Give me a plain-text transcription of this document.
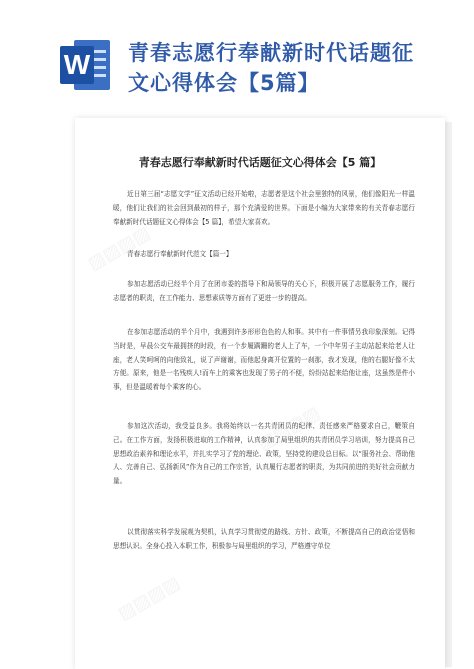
W 青春志愿行奉献新时代话题征文心得体会【5篇】
▨▨▨▨
▨▨▨▨
▨▨▨▨
青春志愿行奉献新时代话题征文心得体会【5 篇】

近日第三届“志愿文学”征文活动已经开始啦，志愿者是这个社会里独特的风景，他们像阳光一样温暖，他们让我们的社会回到最初的样子，那个充满爱的世界。下面是小编为大家带来的有关青春志愿行奉献新时代话题征文心得体会【5 篇】，希望大家喜欢。

青春志愿行奉献新时代范文【篇一】

参加志愿活动已经半个月了在团市委的指导下和局领导的关心下，积极开展了志愿服务工作，履行志愿者的职责，在工作能力、思想素质等方面有了更进一步的提高。

在参加志愿活动的半个月中，我遇到许多形形色色的人和事。其中有一件事情另我印象深刻。记得当时是，早晨公交车最拥挤的时段，有一个步履蹒跚的老人上了车，一个中年男子主动站起来给老人让座，老人笑呵呵的向他致礼，说了声谢谢，而他起身离开位置的一刹那，我才发现，他的右腿好像不太方便。原来，他是一名残疾人!而车上的乘客也发现了男子的不便，纷纷站起来给他让座，这虽然是件小事，但是温暖着每个乘客的心。

参加这次活动，我受益良多。我将始终以一名共青团员的纪律、责任感来严格要求自己，鞭策自己。在工作方面，发扬积极进取的工作精神，认真参加了局里组织的共青团员学习培训，努力提高自己思想政治素养和理论水平，并扎实学习了党的理论、政策，坚持党的建设总目标。以“服务社会、帮助他人、完善自己、弘扬新风”作为自己的工作宗旨，认真履行志愿者的职责，为共同前进的美好社会贡献力量。

以贯彻落实科学发展观为契机，认真学习贯彻党的路线、方针、政策，不断提高自己的政治觉悟和思想认识。全身心投入本职工作，积极参与局里组织的学习，严格遵守单位
